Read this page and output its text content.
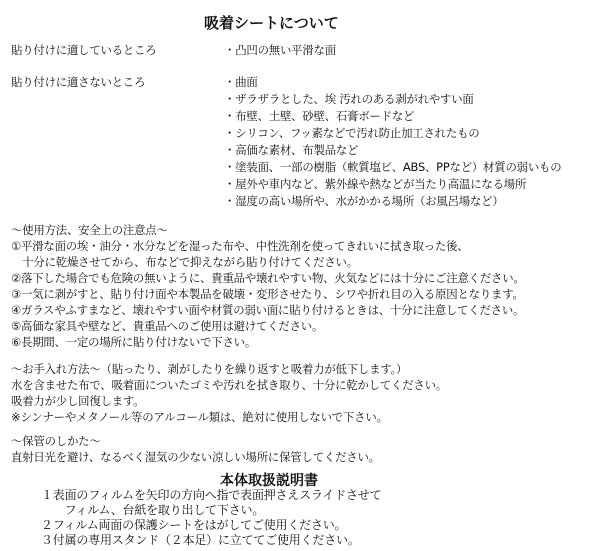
吸着シートについて
貼り付けに適しているところ	・凸凹の無い平滑な面
貼り付けに適さないところ	・曲面
・ザラザラとした、埃 汚れのある剥がれやすい面
・布壁、土壁、砂壁、石膏ボードなど
・シリコン、フッ素などで汚れ防止加工されたもの
・高価な素材、布製品など
・塗装面、一部の樹脂（軟質塩ビ、ABS、PPなど）材質の弱いもの
・屋外や車内など、紫外線や熱などが当たり高温になる場所
・湿度の高い場所や、水がかかる場所（お風呂場など）
～使用方法、安全上の注意点～
①平滑な面の埃・油分・水分などを湿った布や、中性洗剤を使ってきれいに拭き取った後、
　十分に乾燥させてから、布などで抑えながら貼り付けてください。
②落下した場合でも危険の無いように、貴重品や壊れやすい物、火気などには十分にご注意ください。
③一気に剥がすと、貼り付け面や本製品を破壊・変形させたり、シワや折れ目の入る原因となります。
④ガラスやふすまなど、壊れやすい面や材質の弱い面に貼り付けるときは、十分に注意してください。
⑤高価な家具や壁など、貴重品へのご使用は避けてください。
⑥長期間、一定の場所に貼り付けないで下さい。
～お手入れ方法～（貼ったり、剥がしたりを繰り返すと吸着力が低下します。）
水を含ませた布で、吸着面についたゴミや汚れを拭き取り、十分に乾かしてください。
吸着力が少し回復します。
※シンナーやメタノール等のアルコール類は、絶対に使用しないで下さい。
～保管のしかた～
直射日光を避け、なるべく湿気の少ない涼しい場所に保管してください。
本体取扱説明書
１表面のフィルムを矢印の方向へ指で表面押さえスライドさせて
　　フィルム、台紙を取り出して下さい。
２フィルム両面の保護シートをはがしてご使用ください。
３付属の専用スタンド（２本足）に立ててご使用ください。
